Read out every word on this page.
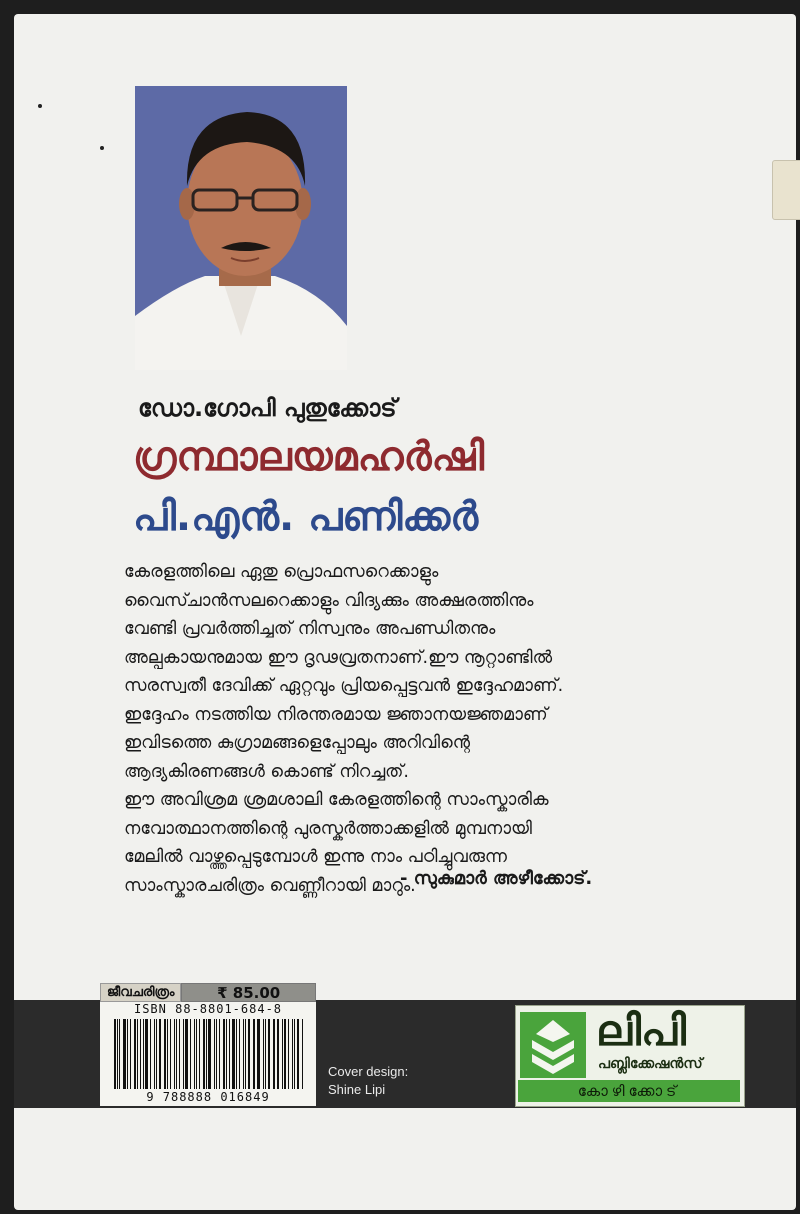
ഡോ.ഗോപി പുതുക്കോട്
ഗ്രന്ഥാലയമഹർഷി
പി.എൻ. പണിക്കർ
കേരളത്തിലെ ഏതു പ്രൊഫസറെക്കാളും
വൈസ്ചാൻസലറെക്കാളും വിദ്യക്കും അക്ഷരത്തിനും
വേണ്ടി പ്രവർത്തിച്ചത് നിസ്വനും അപണ്ഡിതനും
അല്പകായനുമായ ഈ ദൃഢവ്രതനാണ്.ഈ നൂറ്റാണ്ടിൽ
സരസ്വതീ ദേവിക്ക് ഏറ്റവും പ്രിയപ്പെട്ടവൻ ഇദ്ദേഹമാണ്.
ഇദ്ദേഹം നടത്തിയ നിരന്തരമായ ജ്ഞാനയജ്ഞമാണ്
ഇവിടത്തെ കുഗ്രാമങ്ങളെപ്പോലും അറിവിന്റെ
ആദ്യകിരണങ്ങൾ കൊണ്ട് നിറച്ചത്.
ഈ അവിശ്രമ ശ്രമശാലി കേരളത്തിന്റെ സാംസ്കാരിക
നവോത്ഥാനത്തിന്റെ പുരസ്കർത്താക്കളിൽ മുമ്പനായി
മേലിൽ വാഴ്ത്തപ്പെടുമ്പോൾ ഇന്നു നാം പഠിച്ചുവരുന്ന
സാംസ്കാരചരിത്രം വെണ്ണീറായി മാറും.
- സുകുമാർ അഴീക്കോട്.
ജീവചരിത്രം	₹ 85.00
ISBN 88-8801-684-8
9 788888 016849
Cover design:
Shine Lipi
ലിപി
പബ്ലിക്കേഷൻസ്
കോഴിക്കോട്
